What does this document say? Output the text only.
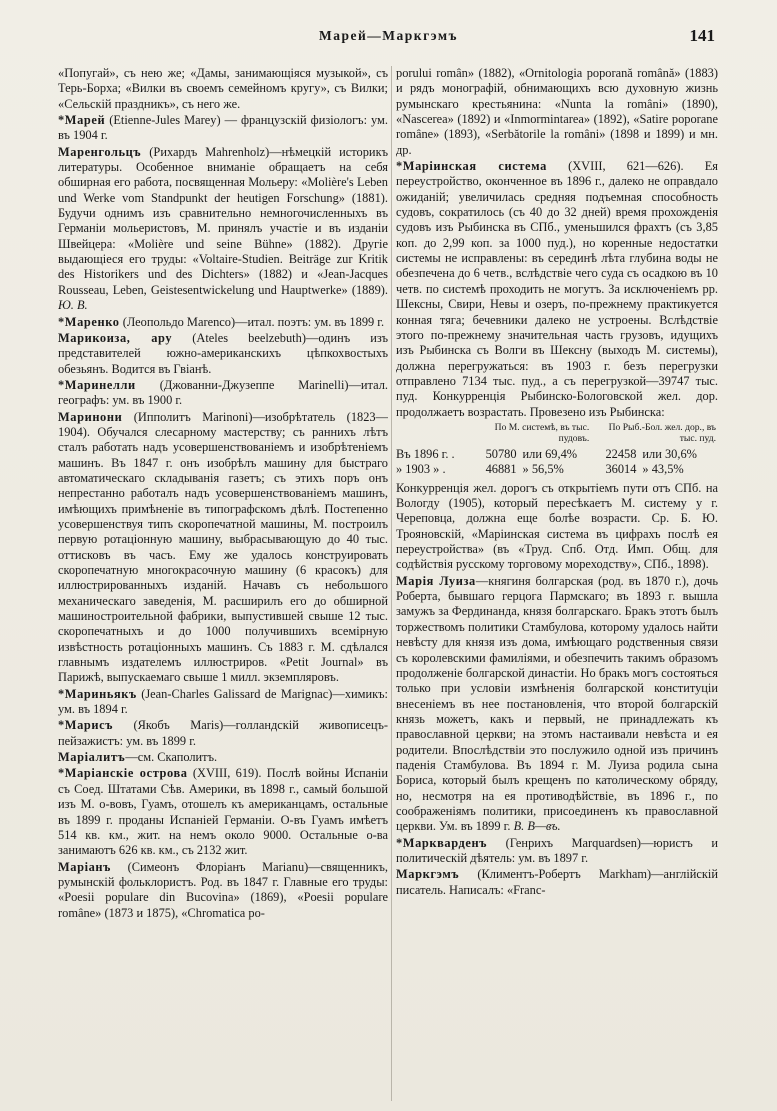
Марей—Маркгэмъ	141

«Попугай», съ нею же; «Дамы, занимающіяся музыкой», съ Терь-Борха; «Вилки въ своемъ семейномъ кругу», съ Вилки; «Сельскій праздникъ», съ него же.

*Марей (Etienne-Jules Marey) — французскій физіологъ: ум. въ 1904 г.

Маренгольцъ (Рихардъ Mahrenholz)—нѣмецкій историкъ литературы. Особенное вниманіе обращаетъ на себя обширная его работа, посвященная Мольеру: «Molière's Leben und Werke vom Standpunkt der heutigen Forschung» (1881). Будучи однимъ изъ сравнительно немногочисленныхъ въ Германіи мольеристовъ, М. принялъ участіе и въ изданіи Швейцера: «Molière und seine Bühne» (1882). Другіе выдающіеся его труды: «Voltaire-Studien. Beiträge zur Kritik des Historikers und des Dichters» (1882) и «Jean-Jacques Rousseau, Leben, Geistesentwickelung und Hauptwerke» (1889). Ю. В.

*Маренко (Леопольдо Marenco)—итал. поэтъ: ум. въ 1899 г.

Марикоиза, ару (Ateles beelzebuth)—одинъ изъ представителей южно-американскихъ цѣпкохвостыхъ обезьянъ. Водится въ Гвіанѣ.

*Маринелли (Джованни-Джузеппе Marinelli)—итал. географъ: ум. въ 1900 г.

Маринони (Ипполитъ Marinoni)—изобрѣтатель (1823—1904). Обучался слесарному мастерству; съ раннихъ лѣтъ сталъ работать надъ усовершенствованіемъ и изобрѣтеніемъ машинъ. Въ 1847 г. онъ изобрѣлъ машину для быстраго автоматическаго складыванія газетъ; съ этихъ поръ онъ непрестанно работалъ надъ усовершенствованіемъ машинъ, имѣющихъ примѣненіе въ типографскомъ дѣлѣ. Постепенно усовершенствуя типъ скоропечатной машины, М. построилъ первую ротаціонную машину, выбрасывающую до 40 тыс. оттисковъ въ часъ. Ему же удалось конструировать скоропечатную многокрасочную машину (6 красокъ) для иллюстрированныхъ изданій. Начавъ съ небольшого механическаго заведенія, М. расширилъ его до обширной машиностроительной фабрики, выпустившей свыше 12 тыс. скоропечатныхъ и до 1000 получившихъ всемірную извѣстность ротаціонныхъ машинъ. Съ 1883 г. М. сдѣлался главнымъ издателемъ иллюстриров. «Petit Journal» въ Парижѣ, выпускаемаго свыше 1 милл. экземпляровъ.

*Мариньякъ (Jean-Charles Galissard de Marignac)—химикъ: ум. въ 1894 г.

*Марисъ (Якобъ Maris)—голландскій живописецъ-пейзажистъ: ум. въ 1899 г.

Маріалитъ—см. Скаполитъ.

*Маріанскіе острова (XVIII, 619). Послѣ войны Испаніи съ Соед. Штатами Сѣв. Америки, въ 1898 г., самый большой изъ М. о-вовъ, Гуамъ, отошелъ къ американцамъ, остальные въ 1899 г. проданы Испаніей Германіи. О-въ Гуамъ имѣетъ 514 кв. км., жит. на немъ около 9000. Остальные о-ва занимаютъ 626 кв. км., съ 2132 жит.

Маріанъ (Симеонъ Флоріанъ Marianu)—священникъ, румынскій фольклористъ. Род. въ 1847 г. Главные его труды: «Poesii populare din Bucovina» (1869), «Poesii populare române» (1873 и 1875), «Chromatica po-

porului român» (1882), «Ornitologia poporană română» (1883) и рядъ монографій, обнимающихъ всю духовную жизнь румынскаго крестьянина: «Nunta la români» (1890), «Nascerea» (1892) и «Inmormintarea» (1892), «Satire poporane române» (1893), «Serbătorile la români» (1898 и 1899) и мн. др.

*Маріинская система (XVIII, 621—626). Ея переустройство, оконченное въ 1896 г., далеко не оправдало ожиданій; увеличилась средняя подъемная способность судовъ, сократилось (съ 40 до 32 дней) время прохожденія судовъ изъ Рыбинска въ СПб., уменьшился фрахтъ (съ 3,85 коп. до 2,99 коп. за 1000 пуд.), но коренные недостатки системы не исправлены: въ серединѣ лѣта глубина воды не обезпечена до 6 четв., вслѣдствіе чего суда съ осадкою въ 10 четв. по системѣ проходить не могутъ. За исключеніемъ рр. Шексны, Свири, Невы и озеръ, по-прежнему практикуется конная тяга; бечевники далеко не устроены. Вслѣдствіе этого по-прежнему значительная часть грузовъ, идущихъ изъ Рыбинска съ Волги въ Шексну (выходъ М. системы), должна перегружаться: въ 1903 г. безъ перегрузки отправлено 7134 тыс. пуд., а съ перегрузкой—39747 тыс. пуд. Конкурренція Рыбинско-Бологовской жел. дор. продолжаетъ возрастать. Провезено изъ Рыбинска:

	По М. системѣ, въ тыс. пудовъ.		По Рыб.-Бол. жел. дор., въ тыс. пуд.	
Въ 1896 г. .	50780	или 69,4%	22458	или 30,6%
» 1903 » .	46881	» 56,5%	36014	» 43,5%

Конкурренція жел. дорогъ съ открытіемъ пути отъ СПб. на Вологду (1905), который пересѣкаетъ М. систему у г. Череповца, должна еще болѣе возрасти. Ср. Б. Ю. Трояновскій, «Маріинская система въ цифрахъ послѣ ея переустройства» (въ «Труд. Спб. Отд. Имп. Общ. для содѣйствія русскому торговому мореходству», СПб., 1898).

Марія Луиза—княгиня болгарская (род. въ 1870 г.), дочь Роберта, бывшаго герцога Пармскаго; въ 1893 г. вышла замужъ за Фердинанда, князя болгарскаго. Бракъ этотъ былъ торжествомъ политики Стамбулова, которому удалось найти невѣсту для князя изъ дома, имѣющаго родственныя связи съ королевскими фамиліями, и обезпечить такимъ образомъ продолженіе болгарской династіи. Но бракъ могъ состояться только при условіи измѣненія болгарской конституціи внесеніемъ въ нее постановленія, что второй болгарскій князь можетъ, какъ и первый, не принадлежать къ православной церкви; на этомъ настаивали невѣста и ея родители. Впослѣдствіи это послужило одной изъ причинъ паденія Стамбулова. Въ 1894 г. М. Луиза родила сына Бориса, который былъ крещенъ по католическому обряду, но, несмотря на ея противодѣйствіе, въ 1896 г., по соображеніямъ политики, присоединенъ къ православной церкви. Ум. въ 1899 г. В. В—въ.

*Маркварденъ (Генрихъ Marquardsen)—юристъ и политическій дѣятель: ум. въ 1897 г.

Маркгэмъ (Климентъ-Робертъ Markham)—англійскій писатель. Написалъ: «Franc-
